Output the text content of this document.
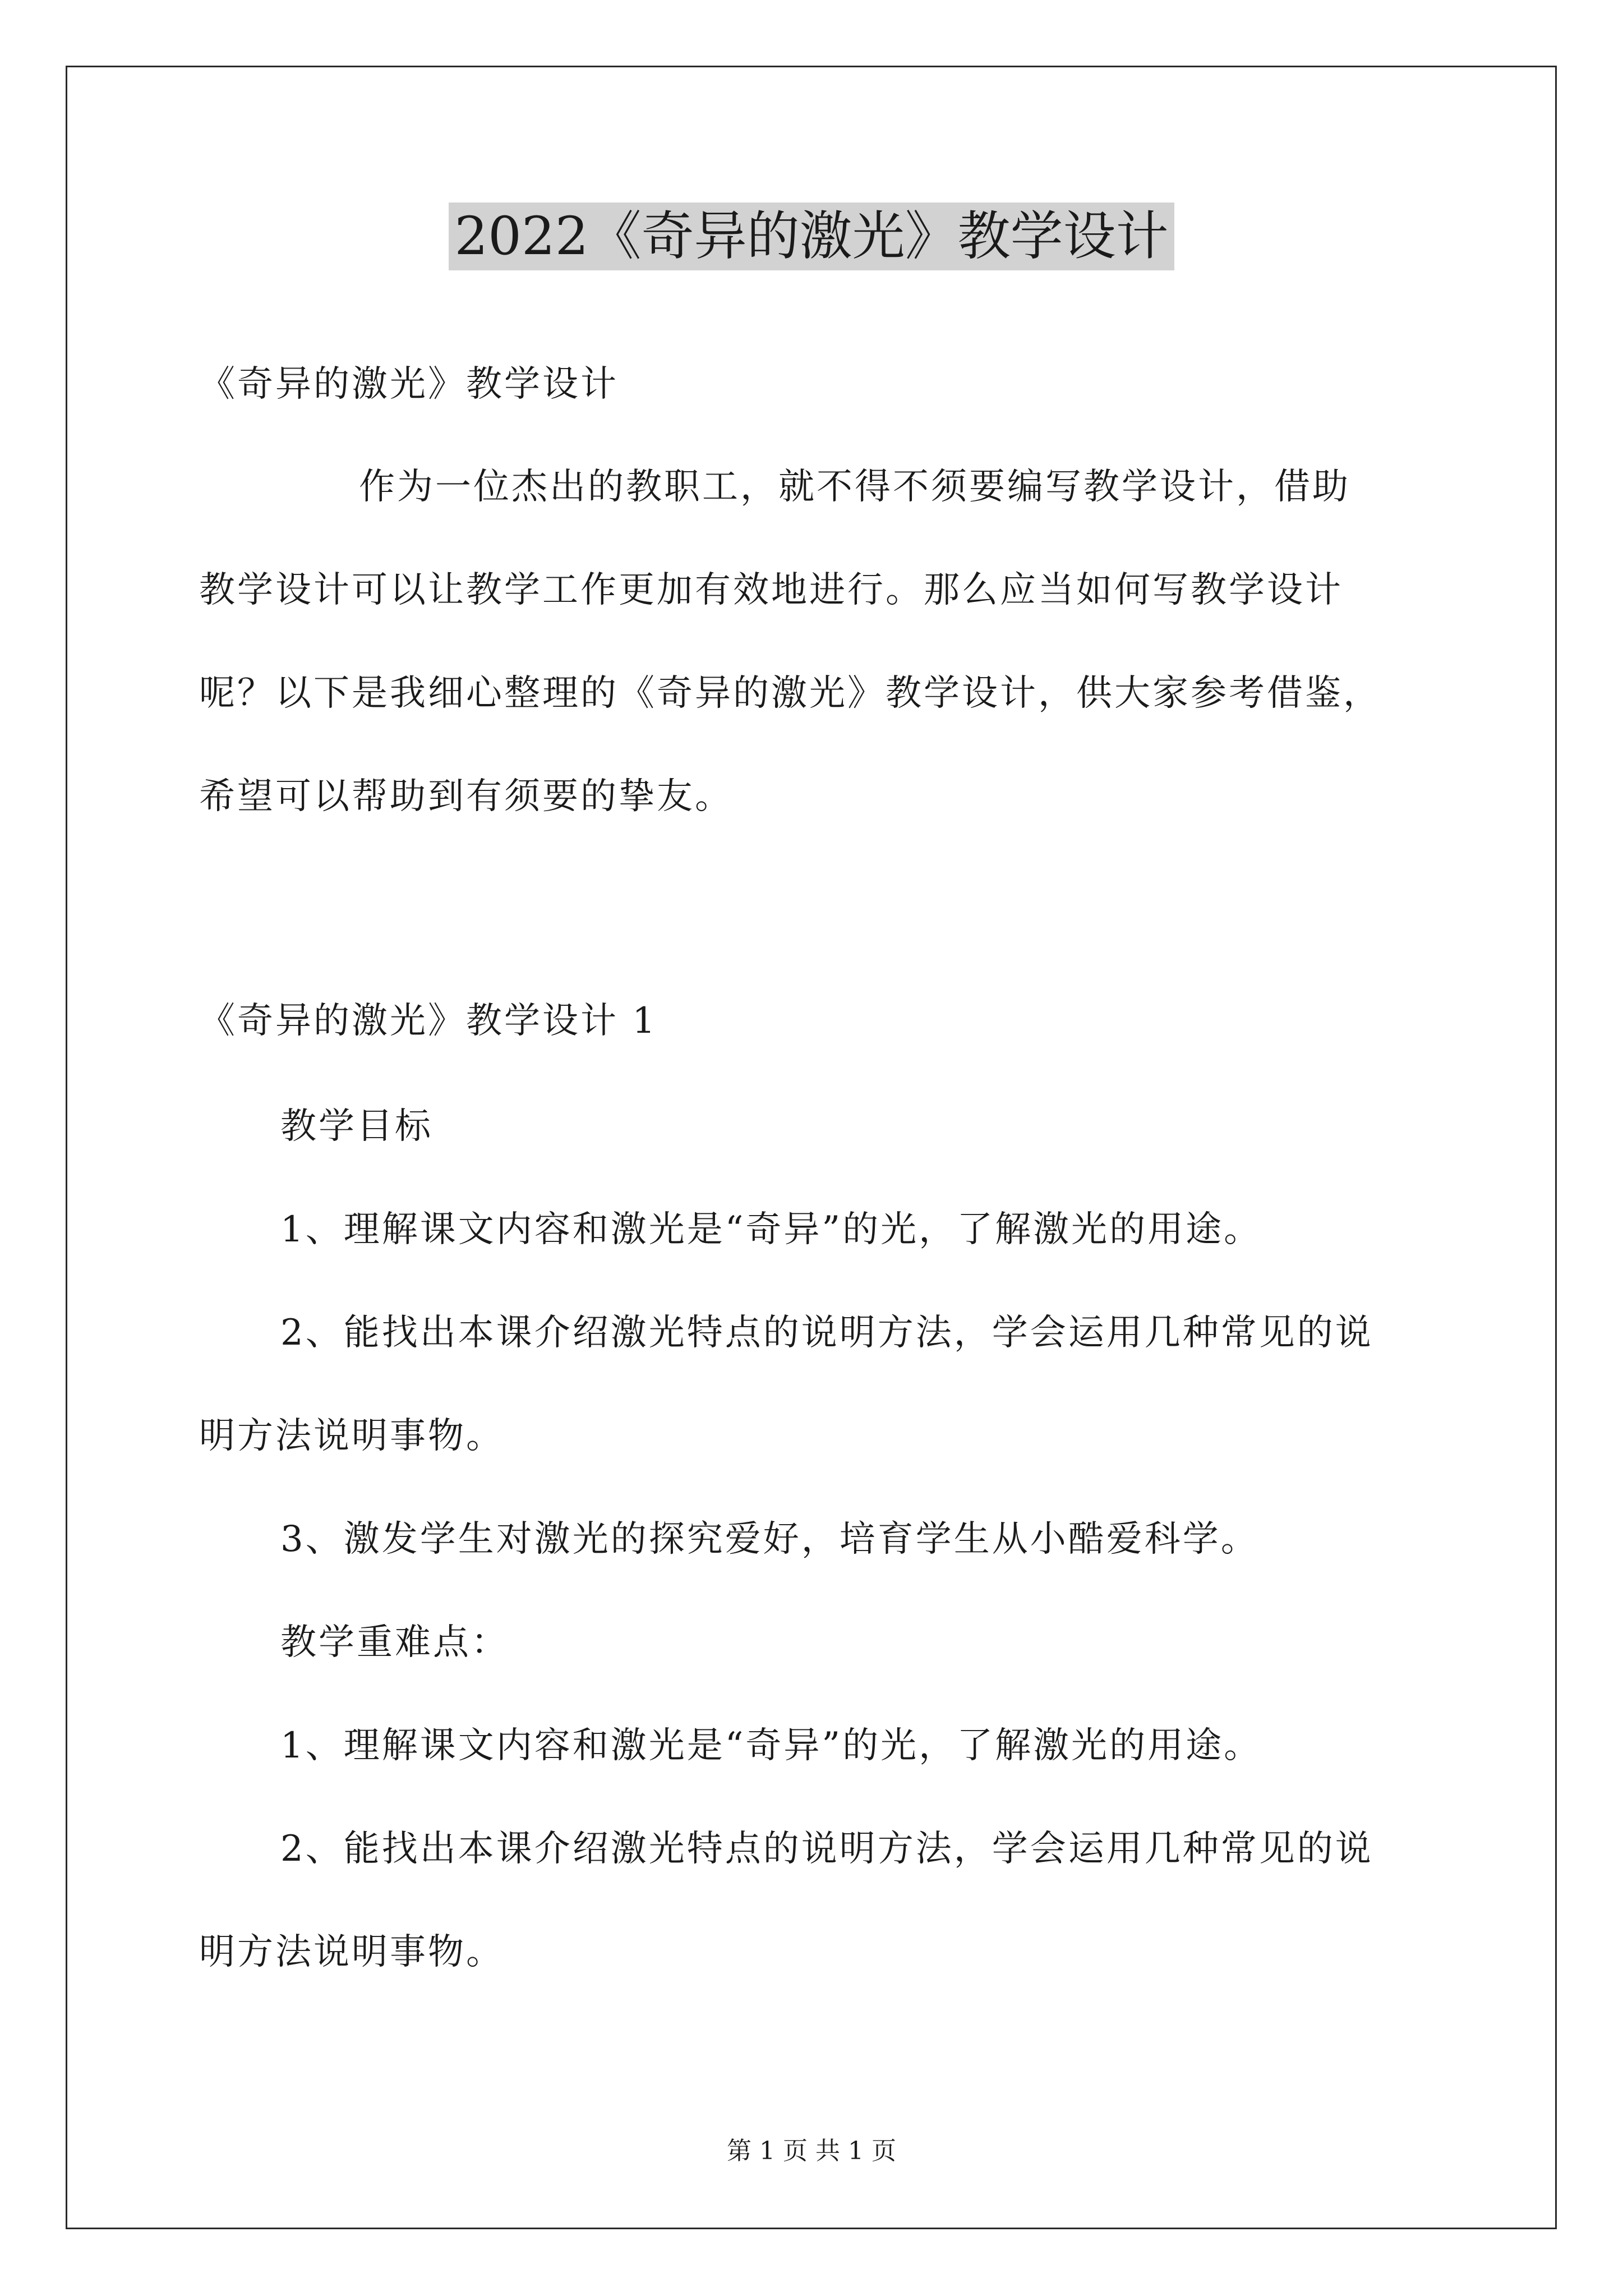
2022《奇异的激光》教学设计
《奇异的激光》教学设计
作为一位杰出的教职工，就不得不须要编写教学设计，借助
教学设计可以让教学工作更加有效地进行。那么应当如何写教学设计
呢？以下是我细心整理的《奇异的激光》教学设计，供大家参考借鉴，
希望可以帮助到有须要的挚友。
《奇异的激光》教学设计 1
教学目标
1、理解课文内容和激光是“奇异”的光，了解激光的用途。
2、能找出本课介绍激光特点的说明方法，学会运用几种常见的说
明方法说明事物。
3、激发学生对激光的探究爱好，培育学生从小酷爱科学。
教学重难点：
1、理解课文内容和激光是“奇异”的光，了解激光的用途。
2、能找出本课介绍激光特点的说明方法，学会运用几种常见的说
明方法说明事物。
第 1 页 共 1 页
